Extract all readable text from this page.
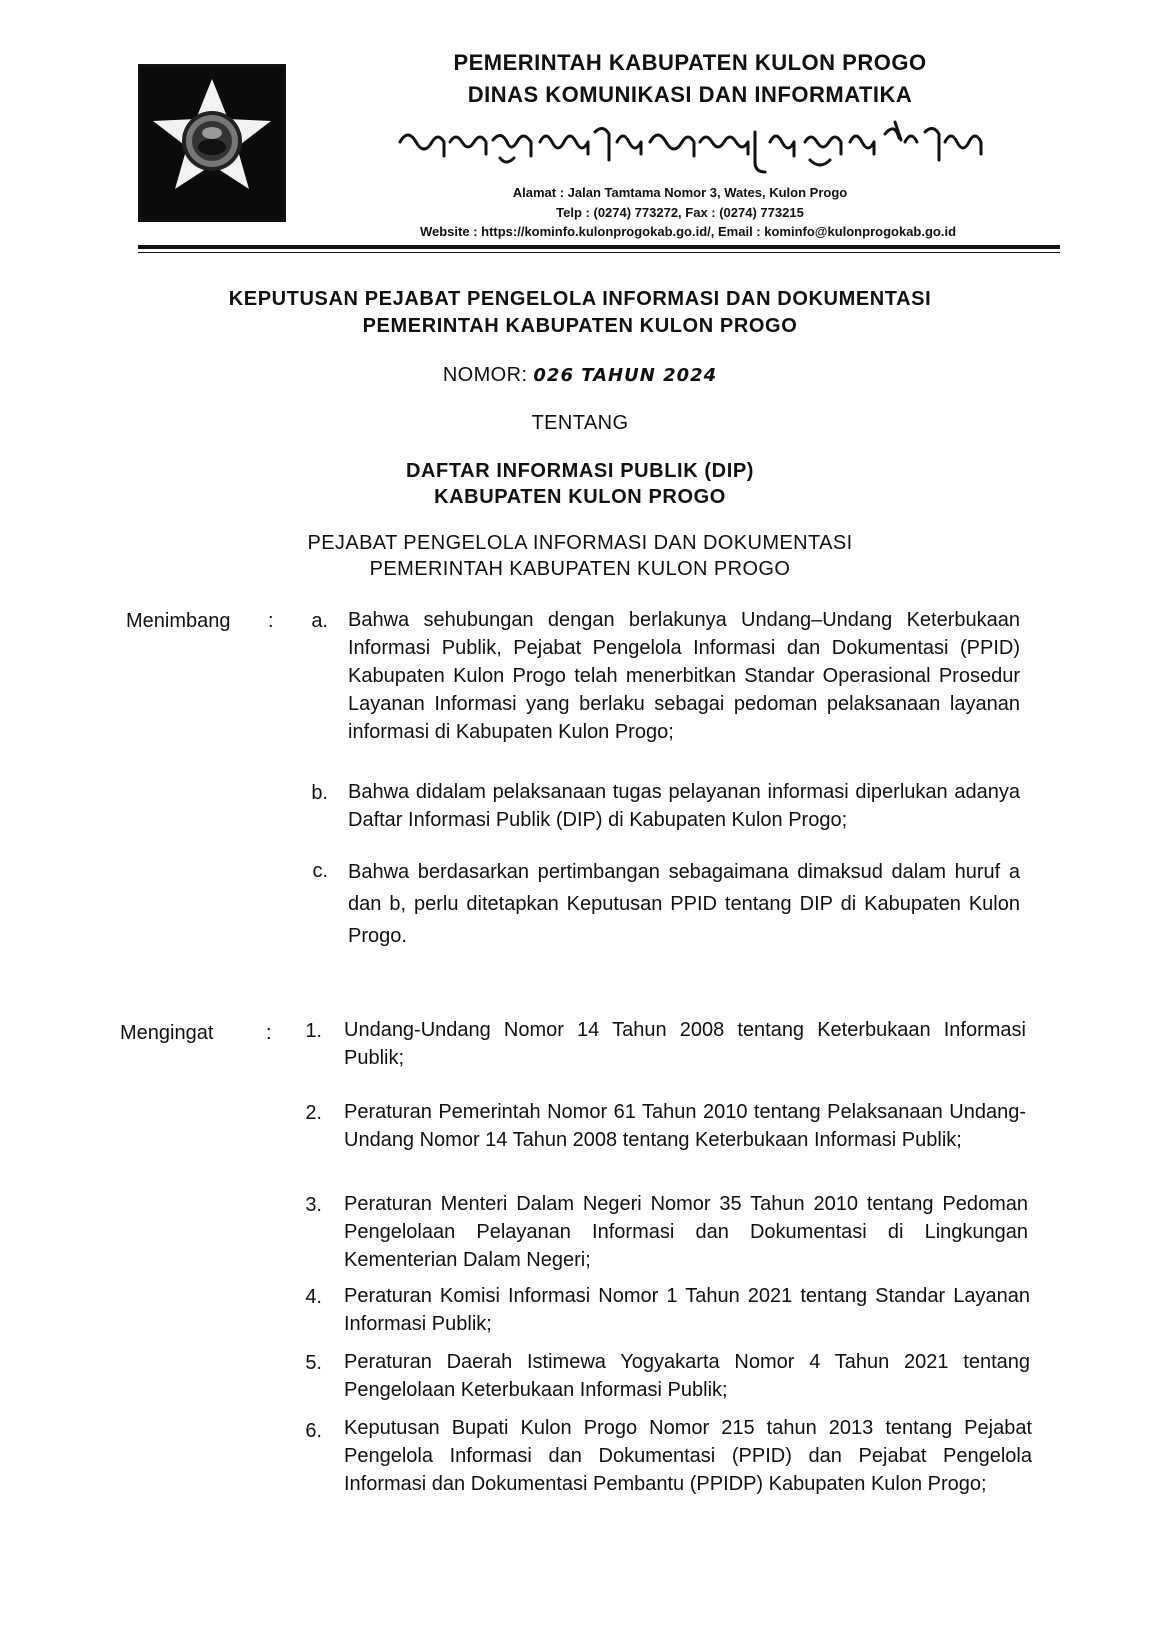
PEMERINTAH KABUPATEN KULON PROGO
DINAS KOMUNIKASI DAN INFORMATIKA
Alamat : Jalan Tamtama Nomor 3, Wates, Kulon Progo
Telp : (0274) 773272, Fax : (0274) 773215
Website : https://kominfo.kulonprogokab.go.id/, Email : kominfo@kulonprogokab.go.id
KEPUTUSAN PEJABAT PENGELOLA INFORMASI DAN DOKUMENTASI
PEMERINTAH KABUPATEN KULON PROGO
NOMOR: 026 TAHUN 2024
TENTANG
DAFTAR INFORMASI PUBLIK (DIP)
KABUPATEN KULON PROGO
PEJABAT PENGELOLA INFORMASI DAN DOKUMENTASI
PEMERINTAH KABUPATEN KULON PROGO
Menimbang :	a. Bahwa sehubungan dengan berlakunya Undang–Undang Keterbukaan Informasi Publik, Pejabat Pengelola Informasi dan Dokumentasi (PPID) Kabupaten Kulon Progo telah menerbitkan Standar Operasional Prosedur Layanan Informasi yang berlaku sebagai pedoman pelaksanaan layanan informasi di Kabupaten Kulon Progo;
b. Bahwa didalam pelaksanaan tugas pelayanan informasi diperlukan adanya Daftar Informasi Publik (DIP) di Kabupaten Kulon Progo;
c. Bahwa berdasarkan pertimbangan sebagaimana dimaksud dalam huruf a dan b, perlu ditetapkan Keputusan PPID tentang DIP di Kabupaten Kulon Progo.
Mengingat	:	1. Undang-Undang Nomor 14 Tahun 2008 tentang Keterbukaan Informasi Publik;
2. Peraturan Pemerintah Nomor 61 Tahun 2010 tentang Pelaksanaan Undang-Undang Nomor 14 Tahun 2008 tentang Keterbukaan Informasi Publik;
3. Peraturan Menteri Dalam Negeri Nomor 35 Tahun 2010 tentang Pedoman Pengelolaan Pelayanan Informasi dan Dokumentasi di Lingkungan Kementerian Dalam Negeri;
4. Peraturan Komisi Informasi Nomor 1 Tahun 2021 tentang Standar Layanan Informasi Publik;
5. Peraturan Daerah Istimewa Yogyakarta Nomor 4 Tahun 2021 tentang Pengelolaan Keterbukaan Informasi Publik;
6. Keputusan Bupati Kulon Progo Nomor 215 tahun 2013 tentang Pejabat Pengelola Informasi dan Dokumentasi (PPID) dan Pejabat Pengelola Informasi dan Dokumentasi Pembantu (PPIDP) Kabupaten Kulon Progo;
